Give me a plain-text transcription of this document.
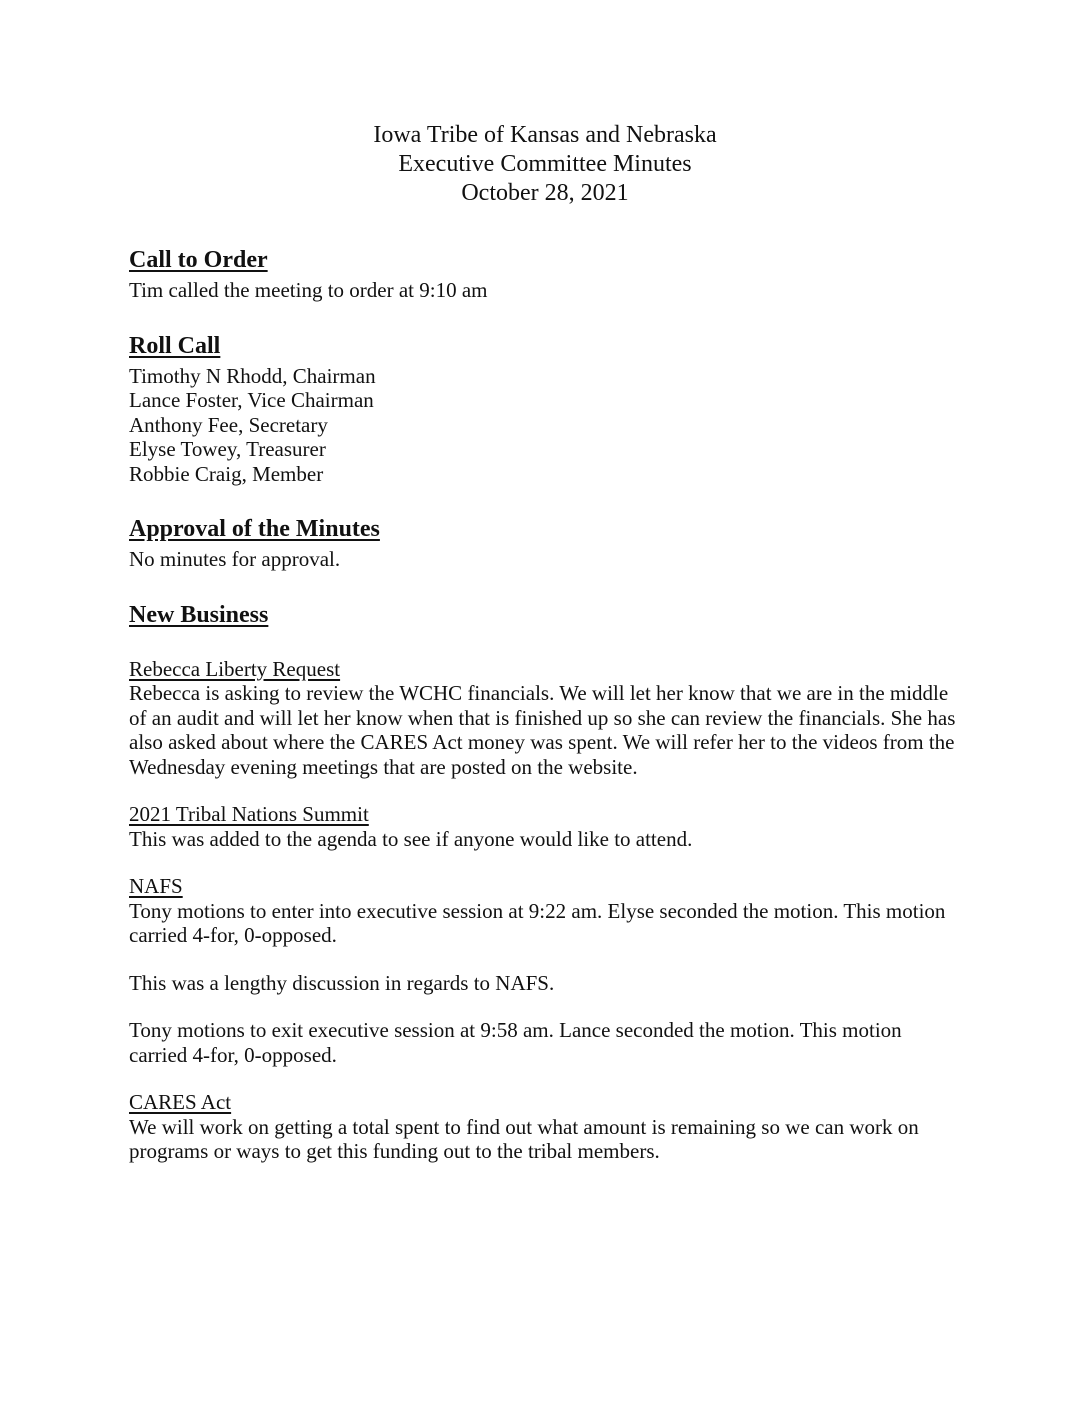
Iowa Tribe of Kansas and Nebraska
Executive Committee Minutes
October 28, 2021
Call to Order
Tim called the meeting to order at 9:10 am
Roll Call
Timothy N Rhodd, Chairman
Lance Foster, Vice Chairman
Anthony Fee, Secretary
Elyse Towey, Treasurer
Robbie Craig, Member
Approval of the Minutes
No minutes for approval.
New Business
Rebecca Liberty Request
Rebecca is asking to review the WCHC financials. We will let her know that we are in the middle of an audit and will let her know when that is finished up so she can review the financials. She has also asked about where the CARES Act money was spent. We will refer her to the videos from the Wednesday evening meetings that are posted on the website.
2021 Tribal Nations Summit
This was added to the agenda to see if anyone would like to attend.
NAFS
Tony motions to enter into executive session at 9:22 am. Elyse seconded the motion. This motion carried 4-for, 0-opposed.
This was a lengthy discussion in regards to NAFS.
Tony motions to exit executive session at 9:58 am. Lance seconded the motion. This motion carried 4-for, 0-opposed.
CARES Act
We will work on getting a total spent to find out what amount is remaining so we can work on programs or ways to get this funding out to the tribal members.
